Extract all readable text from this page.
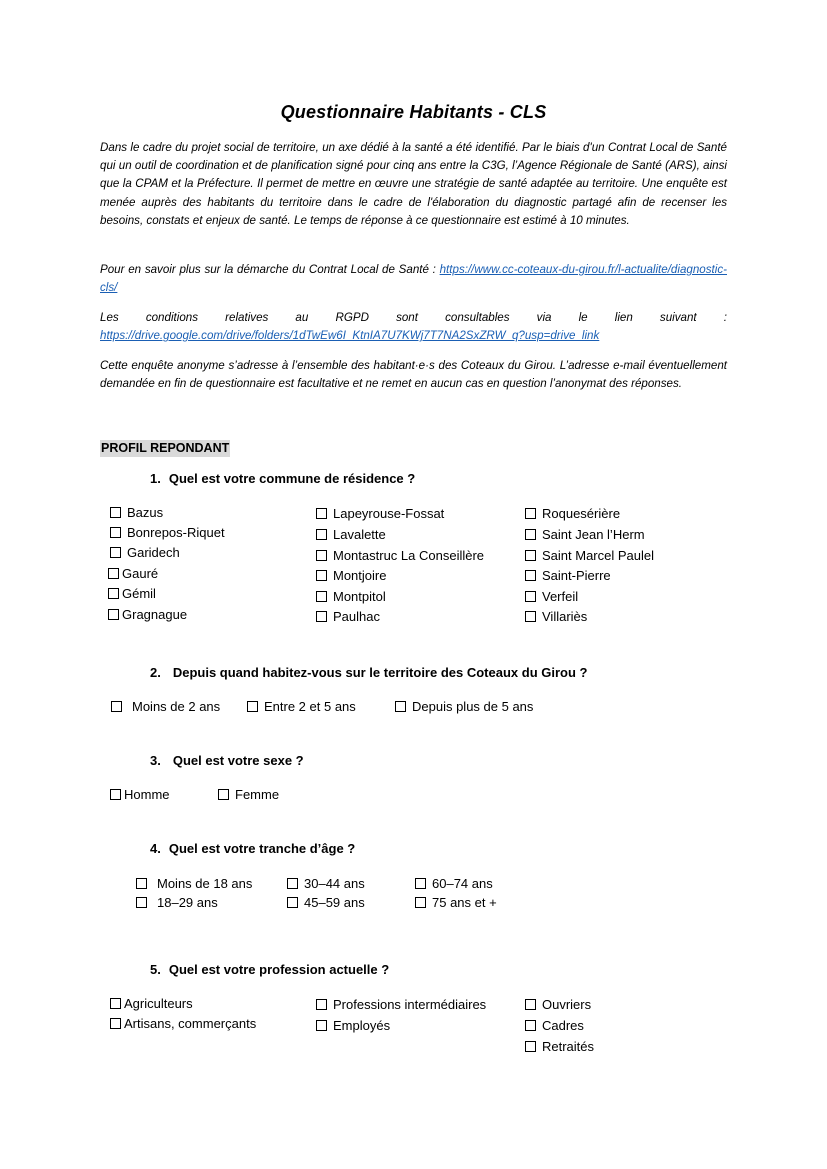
Questionnaire Habitants - CLS

Dans le cadre du projet social de territoire, un axe dédié à la santé a été identifié. Par le biais d'un Contrat Local de Santé qui un outil de coordination et de planification signé pour cinq ans entre la C3G, l’Agence Régionale de Santé (ARS), ainsi que la CPAM et la Préfecture. Il permet de mettre en œuvre une stratégie de santé adaptée au territoire. Une enquête est menée auprès des habitants du territoire dans le cadre de l'élaboration du diagnostic partagé afin de recenser les besoins, constats et enjeux de santé. Le temps de réponse à ce questionnaire est estimé à 10 minutes.

Pour en savoir plus sur la démarche du Contrat Local de Santé : https://www.cc-coteaux-du-girou.fr/l-actualite/diagnostic-cls/

Les conditions relatives au RGPD sont consultables via le lien suivant : https://drive.google.com/drive/folders/1dTwEw6I_KtnIA7U7KWj7T7NA2SxZRW_q?usp=drive_link

Cette enquête anonyme s’adresse à l’ensemble des habitant·e·s des Coteaux du Girou. L’adresse e-mail éventuellement demandée en fin de questionnaire est facultative et ne remet en aucun cas en question l’anonymat des réponses.

PROFIL REPONDANT
1. Quel est votre commune de résidence ?
Bazus
Bonrepos-Riquet
Garidech
Gauré
Gémil
Gragnague
Lapeyrouse-Fossat
Lavalette
Montastruc La Conseillère
Montjoire
Montpitol
Paulhac
Roquesérière
Saint Jean l’Herm
Saint Marcel Paulel
Saint-Pierre
Verfeil
Villariès
2. Depuis quand habitez-vous sur le territoire des Coteaux du Girou ?
Moins de 2 ans	Entre 2 et 5 ans	Depuis plus de 5 ans
3. Quel est votre sexe ?
Homme	Femme
4. Quel est votre tranche d’âge ?
Moins de 18 ans
18–29 ans
30–44 ans
45–59 ans
60–74 ans
75 ans et +
5. Quel est votre profession actuelle ?
Agriculteurs
Artisans, commerçants
Professions intermédiaires
Employés
Ouvriers
Cadres
Retraités
